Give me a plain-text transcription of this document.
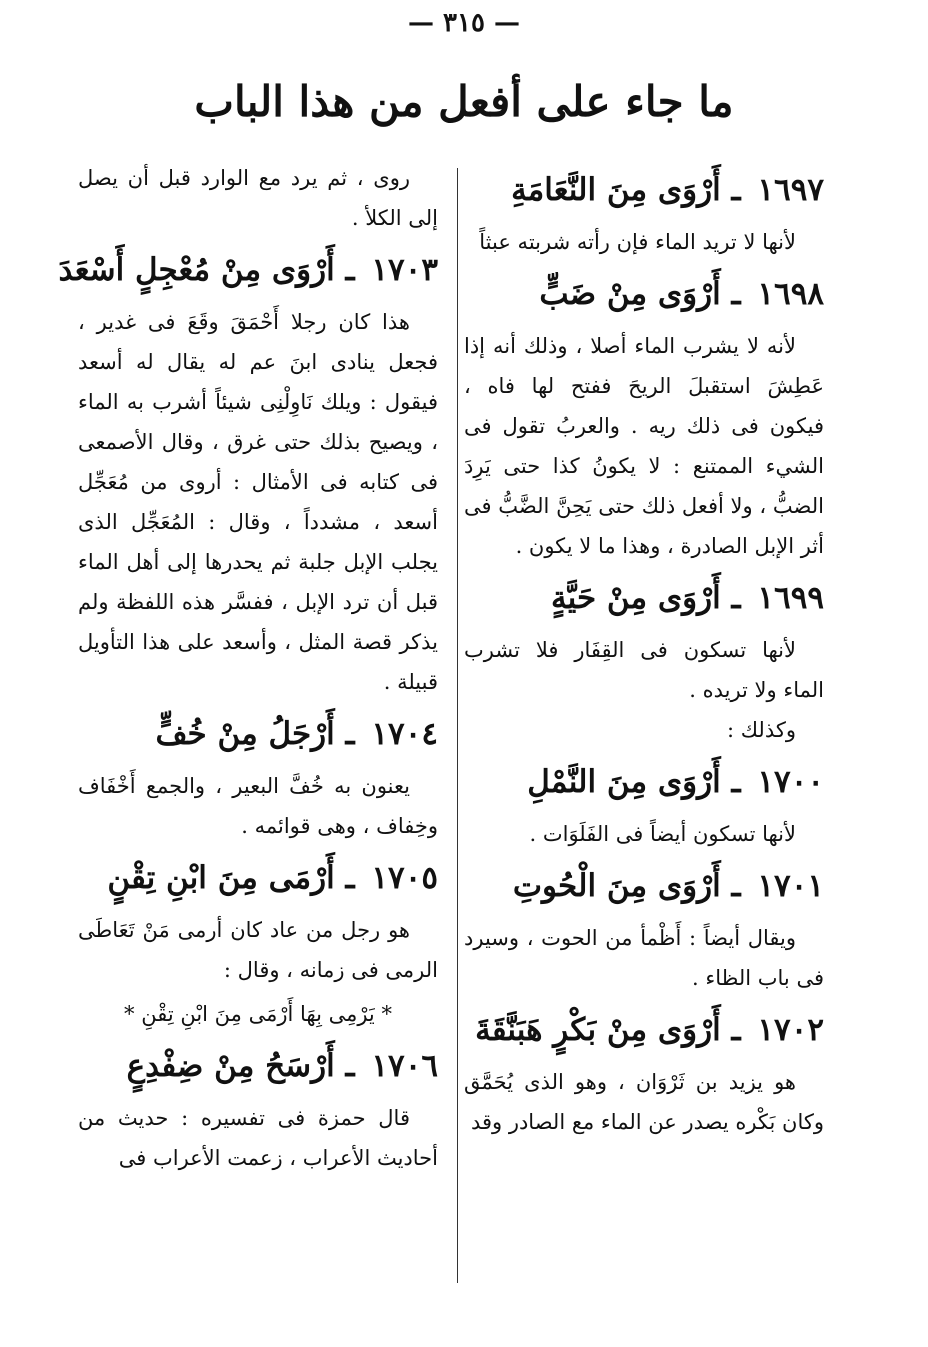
— ٣١٥ —
ما جاء على أفعل من هذا الباب
١٦٩٧ ـ أَرْوَى مِنَ النَّعَامَةِ
لأنها لا تريد الماء فإن رأته شربته عبثاً
١٦٩٨ ـ أَرْوَى مِنْ ضَبٍّ
لأنه لا يشرب الماء أصلا ، وذلك أنه إذا عَطِشَ استقبلَ الريحَ ففتح لها فاه ، فيكون فى ذلك ريه . والعربُ تقول فى الشيء الممتنع : لا يكونُ كذا حتى يَرِدَ الضبُّ ، ولا أفعل ذلك حتى يَحِنَّ الضَّبُّ فى أثر الإبل الصادرة ، وهذا ما لا يكون .
١٦٩٩ ـ أَرْوَى مِنْ حَيَّةٍ
لأنها تسكون فى القِفَار فلا تشرب الماء ولا تريده .
وكذلك :
١٧٠٠ ـ أَرْوَى مِنَ النَّمْلِ
لأنها تسكون أيضاً فى الفَلَوَات .
١٧٠١ ـ أَرْوَى مِنَ الْحُوتِ
ويقال أيضاً : أَظْمأ من الحوت ، وسيرد فى باب الظاء .
١٧٠٢ ـ أَرْوَى مِنْ بَكْرٍ هَبَنَّقَةَ
هو يزيد بن ثَرْوَان ، وهو الذى يُحَمَّق وكان بَكْره يصدر عن الماء مع الصادر وقد
روى ، ثم يرد مع الوارد قبل أن يصل إلى الكلأ .
١٧٠٣ ـ أَرْوَى مِنْ مُعْجِلٍ أَسْعَدَ
هذا كان رجلا أَحْمَقَ وقَعَ فى غدير ، فجعل ينادى ابنَ عم له يقال له أسعد فيقول : ويلك نَاوِلْنِى شيئاً أشرب به الماء ، ويصيح بذلك حتى غرق ، وقال الأصمعى فى كتابه فى الأمثال : أروى من مُعَجِّل أسعد ، مشدداً ، وقال : المُعَجِّل الذى يجلب الإبل جلبة ثم يحدرها إلى أهل الماء قبل أن ترد الإبل ، ففسَّر هذه اللفظة ولم يذكر قصة المثل ، وأسعد على هذا التأويل قبيلة .
١٧٠٤ ـ أَرْجَلُ مِنْ خُفٍّ
يعنون به خُفَّ البعير ، والجمع أَخْفَاف وخِفاف ، وهى قوائمه .
١٧٠٥ ـ أَرْمَى مِنَ ابْنِ تِقْنٍ
هو رجل من عاد كان أرمى مَنْ تَعَاطَى الرمى فى زمانه ، وقال :
* يَرْمِى بِهَا أَرْمَى مِنَ ابْنِ تِقْنِ *
١٧٠٦ ـ أَرْسَحُ مِنْ ضِفْدِعٍ
قال حمزة فى تفسيره : حديث من أحاديث الأعراب ، زعمت الأعراب فى
